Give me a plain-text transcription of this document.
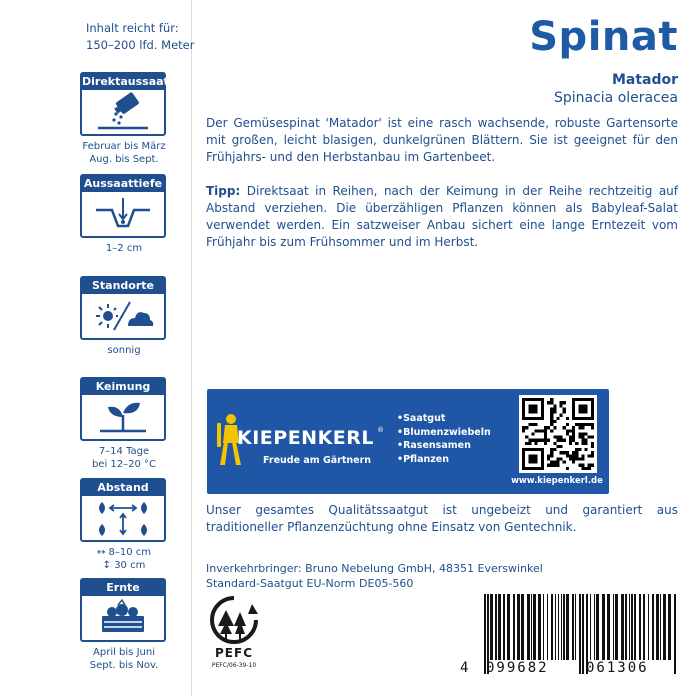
Inhalt reicht für:
150–200 lfd. Meter
Direktaussaat
Februar bis März
Aug. bis Sept.
Aussaattiefe
1–2 cm
Standorte
sonnig
Keimung
7–14 Tage
bei 12–20 °C
Abstand
↔ 8–10 cm
↕ 30 cm
Ernte
April bis Juni
Sept. bis Nov.
Spinat
Matador
Spinacia oleracea
Der Gemüsespinat 'Matador' ist eine rasch wachsende, robuste Gartensorte mit großen, leicht blasigen, dunkelgrünen Blättern. Sie ist geeignet für den Frühjahrs- und den Herbstanbau im Gartenbeet.
Tipp: Direktsaat in Reihen, nach der Keimung in der Reihe rechtzeitig auf Abstand verziehen. Die überzähligen Pflanzen können als Babyleaf-Salat verwendet werden. Ein satzweiser Anbau sichert eine lange Erntezeit vom Frühjahr bis zum Frühsommer und im Herbst.
KIEPENKERL ®
Freude am Gärtnern
• Saatgut
• Blumenzwiebeln
• Rasensamen
• Pflanzen
www.kiepenkerl.de
Unser gesamtes Qualitätssaatgut ist ungebeizt und garantiert aus traditioneller Pflanzenzüchtung ohne Einsatz von Gentechnik.
Inverkehrbringer: Bruno Nebelung GmbH, 48351 Everswinkel
Standard-Saatgut EU-Norm DE05-560
PEFC
PEFC/06-39-10	4 099682	061306
